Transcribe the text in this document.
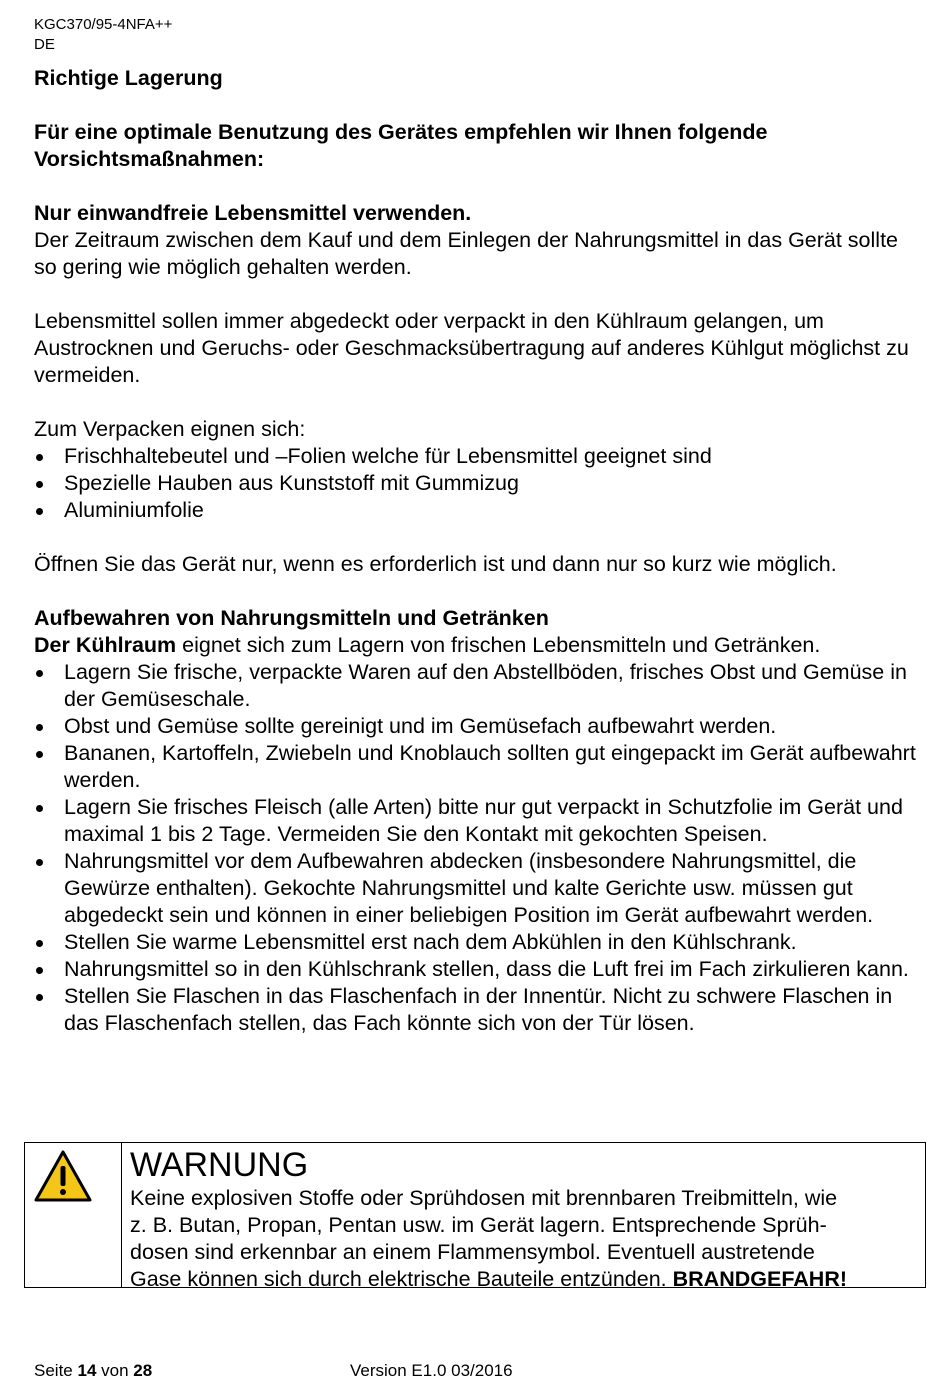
KGC370/95-4NFA++
DE

Richtige Lagerung

Für eine optimale Benutzung des Gerätes empfehlen wir Ihnen folgende Vorsichtsmaßnahmen:

Nur einwandfreie Lebensmittel verwenden.

Der Zeitraum zwischen dem Kauf und dem Einlegen der Nahrungsmittel in das Gerät sollte so gering wie möglich gehalten werden.

Lebensmittel sollen immer abgedeckt oder verpackt in den Kühlraum gelangen, um Austrocknen und Geruchs- oder Geschmacksübertragung auf anderes Kühlgut möglichst zu vermeiden.

Zum Verpacken eignen sich:

Frischhaltebeutel und –Folien welche für Lebensmittel geeignet sind
Spezielle Hauben aus Kunststoff mit Gummizug
Aluminiumfolie

Öffnen Sie das Gerät nur, wenn es erforderlich ist und dann nur so kurz wie möglich.

Aufbewahren von Nahrungsmitteln und Getränken

Der Kühlraum eignet sich zum Lagern von frischen Lebensmitteln und Getränken.

Lagern Sie frische, verpackte Waren auf den Abstellböden, frisches Obst und Gemüse in der Gemüseschale.
Obst und Gemüse sollte gereinigt und im Gemüsefach aufbewahrt werden.
Bananen, Kartoffeln, Zwiebeln und Knoblauch sollten gut eingepackt im Gerät aufbewahrt werden.
Lagern Sie frisches Fleisch (alle Arten) bitte nur gut verpackt in Schutzfolie im Gerät und maximal 1 bis 2 Tage. Vermeiden Sie den Kontakt mit gekochten Speisen.
Nahrungsmittel vor dem Aufbewahren abdecken (insbesondere Nahrungsmittel, die Gewürze enthalten). Gekochte Nahrungsmittel und kalte Gerichte usw. müssen gut abgedeckt sein und können in einer beliebigen Position im Gerät aufbewahrt werden.
Stellen Sie warme Lebensmittel erst nach dem Abkühlen in den Kühlschrank.
Nahrungsmittel so in den Kühlschrank stellen, dass die Luft frei im Fach zirkulieren kann.
Stellen Sie Flaschen in das Flaschenfach in der Innentür. Nicht zu schwere Flaschen in das Flaschenfach stellen, das Fach könnte sich von der Tür lösen.
WARNUNG
Keine explosiven Stoffe oder Sprühdosen mit brennbaren Treibmitteln, wie
z. B. Butan, Propan, Pentan usw. im Gerät lagern. Entsprechende Sprüh-
dosen sind erkennbar an einem Flammensymbol. Eventuell austretende
Gase können sich durch elektrische Bauteile entzünden. BRANDGEFAHR!
Seite 14 von 28	Version E1.0 03/2016
